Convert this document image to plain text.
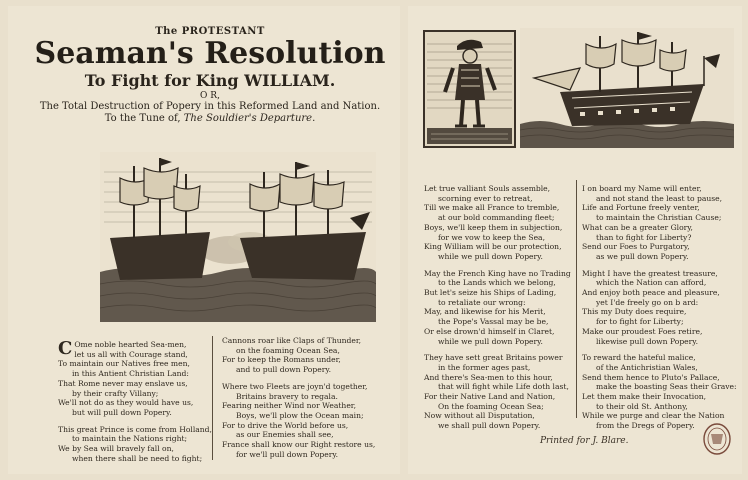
The PROTESTANT
Seaman's Resolution
To Fight for King WILLIAM.
O R,
The Total Destruction of Popery in this Reformed Land and Nation.
To the Tune of, The Souldier's Departure.
C Ome noble hearted Sea-men,
let us all with Courage stand,
To maintain our Natives free men,
in this Antient Christian Land:
That Rome never may enslave us,
by their crafty Villany;
We'll not do as they would have us,
but will pull down Popery.
This great Prince is come from Holland,
to maintain the Nations right;
We by Sea will bravely fall on,
when there shall be need to fight;
Cannons roar like Claps of Thunder,
on the foaming Ocean Sea,
For to keep the Romans under,
and to pull down Popery.
Where two Fleets are joyn'd together,
Britains bravery to regala.
Fearing neither Wind nor Weather,
Boys, we'll plow the Ocean main;
For to drive the World before us,
as our Enemies shall see,
France shall know our Right restore us,
for we'll pull down Popery.
Let true valliant Souls assemble,
scorning ever to retreat,
Till we make all France to tremble,
at our bold commanding fleet;
Boys, we'll keep them in subjection,
for we vow to keep the Sea,
King William will be our protection,
while we pull down Popery.
May the French King have no Trading
to the Lands which we belong,
But let's seize his Ships of Lading,
to retaliate our wrong:
May, and likewise for his Merit,
the Pope's Vassal may be be,
Or else drown'd himself in Claret,
while we pull down Popery.
They have sett great Britains power
in the former ages past,
And there's Sea-men to this hour,
that will fight while Life doth last,
For their Native Land and Nation,
On the foaming Ocean Sea;
Now without all Disputation,
we shall pull down Popery.
I on board my Name will enter,
and not stand the least to pause,
Life and Fortune freely venter,
to maintain the Christian Cause;
What can be a greater Glory,
than to fight for Liberty?
Send our Foes to Purgatory,
as we pull down Popery.
Might I have the greatest treasure,
which the Nation can afford,
And enjoy both peace and pleasure,
yet I'de freely go on b ard:
This my Duty does require,
for to fight for Liberty;
Make our proudest Foes retire,
likewise pull down Popery.
To reward the hateful malice,
of the Antichristian Wales,
Send them hence to Pluto's Pallace,
make the boasting Seas their Grave:
Let them make their Invocation,
to their old St. Anthony,
While we purge and clear the Nation
from the Dregs of Popery.
Printed for J. Blare.
